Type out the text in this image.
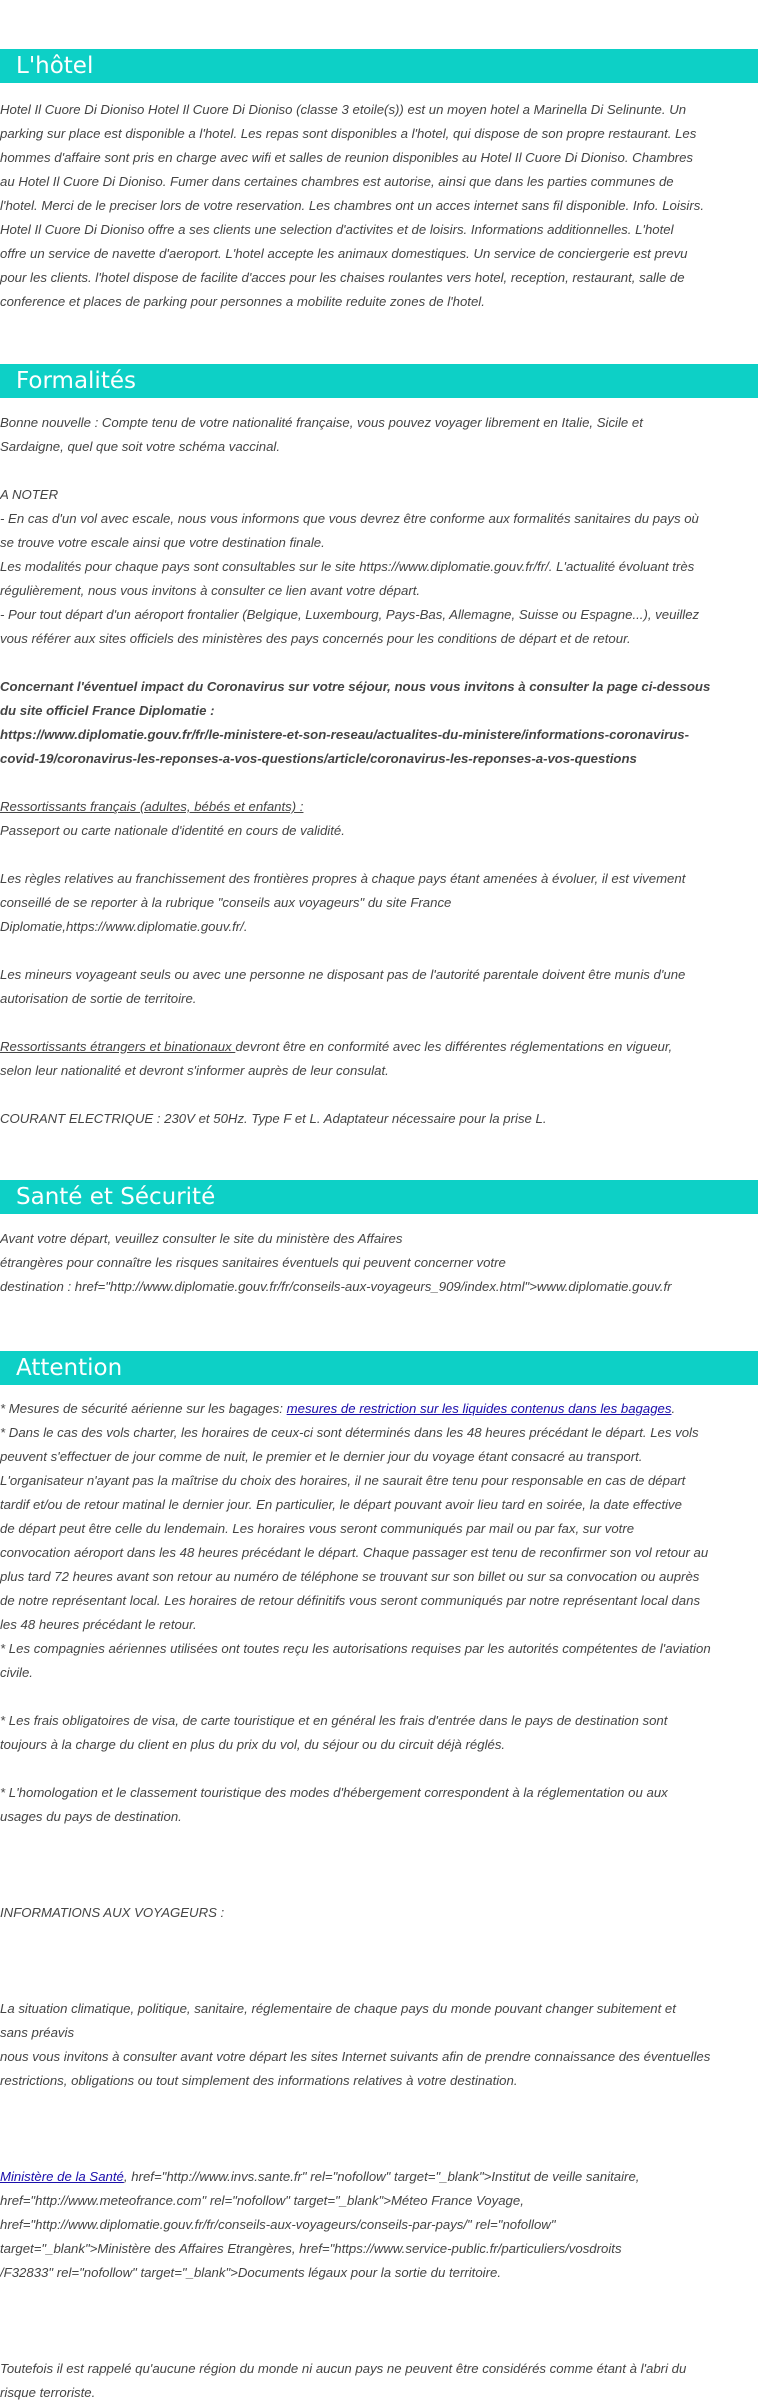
L'hôtel
Hotel Il Cuore Di Dioniso Hotel Il Cuore Di Dioniso (classe 3 etoile(s)) est un moyen hotel a Marinella Di Selinunte. Un
parking sur place est disponible a l'hotel. Les repas sont disponibles a l'hotel, qui dispose de son propre restaurant. Les
hommes d'affaire sont pris en charge avec wifi et salles de reunion disponibles au Hotel Il Cuore Di Dioniso. Chambres
au Hotel Il Cuore Di Dioniso. Fumer dans certaines chambres est autorise, ainsi que dans les parties communes de
l'hotel. Merci de le preciser lors de votre reservation. Les chambres ont un acces internet sans fil disponible. Info. Loisirs.
Hotel Il Cuore Di Dioniso offre a ses clients une selection d'activites et de loisirs. Informations additionnelles. L'hotel
offre un service de navette d'aeroport. L'hotel accepte les animaux domestiques. Un service de conciergerie est prevu
pour les clients. l'hotel dispose de facilite d'acces pour les chaises roulantes vers hotel, reception, restaurant, salle de
conference et places de parking pour personnes a mobilite reduite zones de l'hotel.
Formalités
Bonne nouvelle : Compte tenu de votre nationalité française, vous pouvez voyager librement en Italie, Sicile et
Sardaigne, quel que soit votre schéma vaccinal.
A NOTER
- En cas d'un vol avec escale, nous vous informons que vous devrez être conforme aux formalités sanitaires du pays où
se trouve votre escale ainsi que votre destination finale.
Les modalités pour chaque pays sont consultables sur le site https://www.diplomatie.gouv.fr/fr/. L'actualité évoluant très
régulièrement, nous vous invitons à consulter ce lien avant votre départ.
- Pour tout départ d'un aéroport frontalier (Belgique, Luxembourg, Pays-Bas, Allemagne, Suisse ou Espagne...), veuillez
vous référer aux sites officiels des ministères des pays concernés pour les conditions de départ et de retour.
Concernant l'éventuel impact du Coronavirus sur votre séjour, nous vous invitons à consulter la page ci-dessous
du site officiel France Diplomatie :
https://www.diplomatie.gouv.fr/fr/le-ministere-et-son-reseau/actualites-du-ministere/informations-coronavirus-
covid-19/coronavirus-les-reponses-a-vos-questions/article/coronavirus-les-reponses-a-vos-questions
Ressortissants français (adultes, bébés et enfants) :
Passeport ou carte nationale d'identité en cours de validité.
Les règles relatives au franchissement des frontières propres à chaque pays étant amenées à évoluer, il est vivement
conseillé de se reporter à la rubrique "conseils aux voyageurs" du site France
Diplomatie,https://www.diplomatie.gouv.fr/.
Les mineurs voyageant seuls ou avec une personne ne disposant pas de l'autorité parentale doivent être munis d'une
autorisation de sortie de territoire.
Ressortissants étrangers et binationaux devront être en conformité avec les différentes réglementations en vigueur,
selon leur nationalité et devront s'informer auprès de leur consulat.
COURANT ELECTRIQUE : 230V et 50Hz. Type F et L. Adaptateur nécessaire pour la prise L.
Santé et Sécurité
Avant votre départ, veuillez consulter le site du ministère des Affaires
étrangères pour connaître les risques sanitaires éventuels qui peuvent concerner votre
destination : href="http://www.diplomatie.gouv.fr/fr/conseils-aux-voyageurs_909/index.html">www.diplomatie.gouv.fr
Attention
* Mesures de sécurité aérienne sur les bagages: mesures de restriction sur les liquides contenus dans les bagages.
* Dans le cas des vols charter, les horaires de ceux-ci sont déterminés dans les 48 heures précédant le départ. Les vols
peuvent s'effectuer de jour comme de nuit, le premier et le dernier jour du voyage étant consacré au transport.
L'organisateur n'ayant pas la maîtrise du choix des horaires, il ne saurait être tenu pour responsable en cas de départ
tardif et/ou de retour matinal le dernier jour. En particulier, le départ pouvant avoir lieu tard en soirée, la date effective
de départ peut être celle du lendemain. Les horaires vous seront communiqués par mail ou par fax, sur votre
convocation aéroport dans les 48 heures précédant le départ. Chaque passager est tenu de reconfirmer son vol retour au
plus tard 72 heures avant son retour au numéro de téléphone se trouvant sur son billet ou sur sa convocation ou auprès
de notre représentant local. Les horaires de retour définitifs vous seront communiqués par notre représentant local dans
les 48 heures précédant le retour.
* Les compagnies aériennes utilisées ont toutes reçu les autorisations requises par les autorités compétentes de l'aviation
civile.
* Les frais obligatoires de visa, de carte touristique et en général les frais d'entrée dans le pays de destination sont
toujours à la charge du client en plus du prix du vol, du séjour ou du circuit déjà réglés.
* L'homologation et le classement touristique des modes d'hébergement correspondent à la réglementation ou aux
usages du pays de destination.
INFORMATIONS AUX VOYAGEURS :
La situation climatique, politique, sanitaire, réglementaire de chaque pays du monde pouvant changer subitement et
sans préavis
nous vous invitons à consulter avant votre départ les sites Internet suivants afin de prendre connaissance des éventuelles
restrictions, obligations ou tout simplement des informations relatives à votre destination.
Ministère de la Santé, href="http://www.invs.sante.fr" rel="nofollow" target="_blank">Institut de veille sanitaire,
href="http://www.meteofrance.com" rel="nofollow" target="_blank">Méteo France Voyage,
href="http://www.diplomatie.gouv.fr/fr/conseils-aux-voyageurs/conseils-par-pays/" rel="nofollow"
target="_blank">Ministère des Affaires Etrangères, href="https://www.service-public.fr/particuliers/vosdroits
/F32833" rel="nofollow" target="_blank">Documents légaux pour la sortie du territoire.
Toutefois il est rappelé qu'aucune région du monde ni aucun pays ne peuvent être considérés comme étant à l'abri du
risque terroriste.
